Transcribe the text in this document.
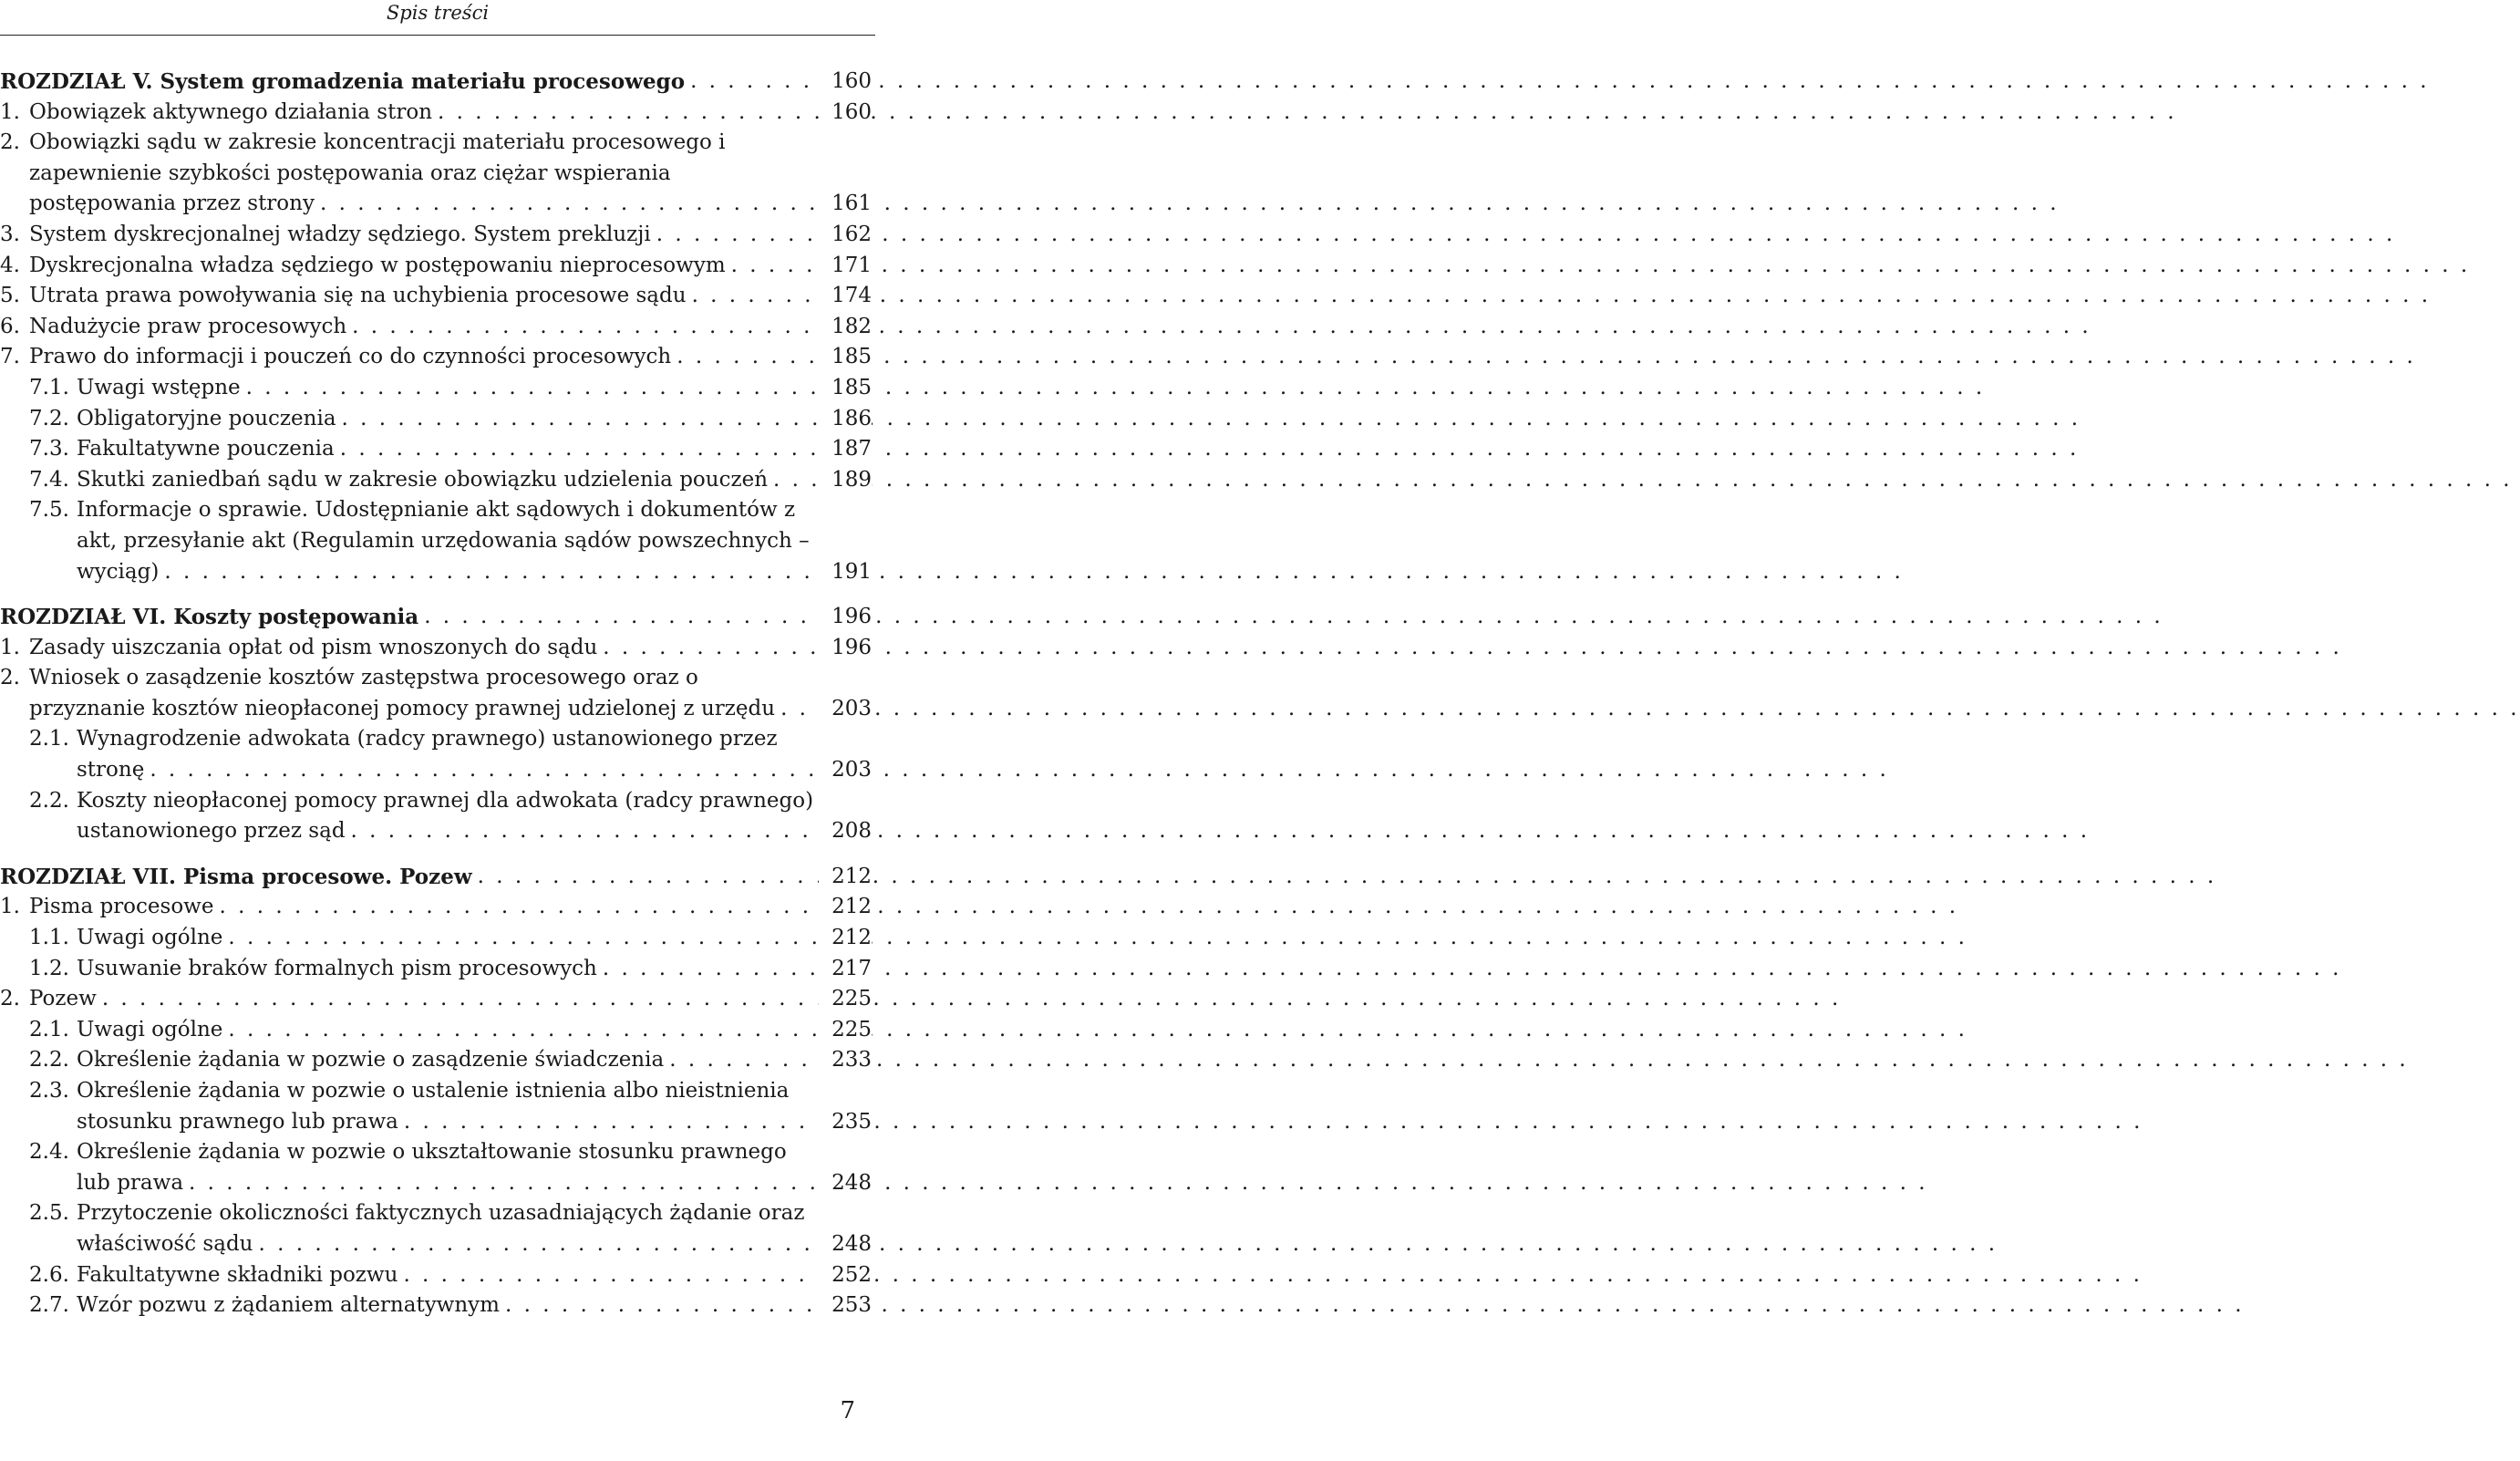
Spis treści
ROZDZIAŁ V. System gromadzenia materiału procesowego . . .	160
1. Obowiązek aktywnego działania stron . . .	160
2. Obowiązki sądu w zakresie koncentracji materiału procesowego i zapewnienie szybkości postępowania oraz ciężar wspierania postępowania przez strony . . .	161
3. System dyskrecjonalnej władzy sędziego. System prekluzji . . .	162
4. Dyskrecjonalna władza sędziego w postępowaniu nieprocesowym . . .	171
5. Utrata prawa powoływania się na uchybienia procesowe sądu . . .	174
6. Nadużycie praw procesowych . . .	182
7. Prawo do informacji i pouczeń co do czynności procesowych . . .	185
7.1. Uwagi wstępne . . .	185
7.2. Obligatoryjne pouczenia . . .	186
7.3. Fakultatywne pouczenia . . .	187
7.4. Skutki zaniedbań sądu w zakresie obowiązku udzielenia pouczeń . . .	189
7.5. Informacje o sprawie. Udostępnianie akt sądowych i dokumentów z akt, przesyłanie akt (Regulamin urzędowania sądów powszechnych – wyciąg) . . .	191
ROZDZIAŁ VI. Koszty postępowania . . .	196
1. Zasady uiszczania opłat od pism wnoszonych do sądu . . .	196
2. Wniosek o zasądzenie kosztów zastępstwa procesowego oraz o przyznanie kosztów nieopłaconej pomocy prawnej udzielonej z urzędu . . .	203
2.1. Wynagrodzenie adwokata (radcy prawnego) ustanowionego przez stronę . . .	203
2.2. Koszty nieopłaconej pomocy prawnej dla adwokata (radcy prawnego) ustanowionego przez sąd . . .	208
ROZDZIAŁ VII. Pisma procesowe. Pozew . . .	212
1. Pisma procesowe . . .	212
1.1. Uwagi ogólne . . .	212
1.2. Usuwanie braków formalnych pism procesowych . . .	217
2. Pozew . . .	225
2.1. Uwagi ogólne . . .	225
2.2. Określenie żądania w pozwie o zasądzenie świadczenia . . .	233
2.3. Określenie żądania w pozwie o ustalenie istnienia albo nieistnienia stosunku prawnego lub prawa . . .	235
2.4. Określenie żądania w pozwie o ukształtowanie stosunku prawnego lub prawa . . .	248
2.5. Przytoczenie okoliczności faktycznych uzasadniających żądanie oraz właściwość sądu . . .	248
2.6. Fakultatywne składniki pozwu . . .	252
2.7. Wzór pozwu z żądaniem alternatywnym . . .	253
7
